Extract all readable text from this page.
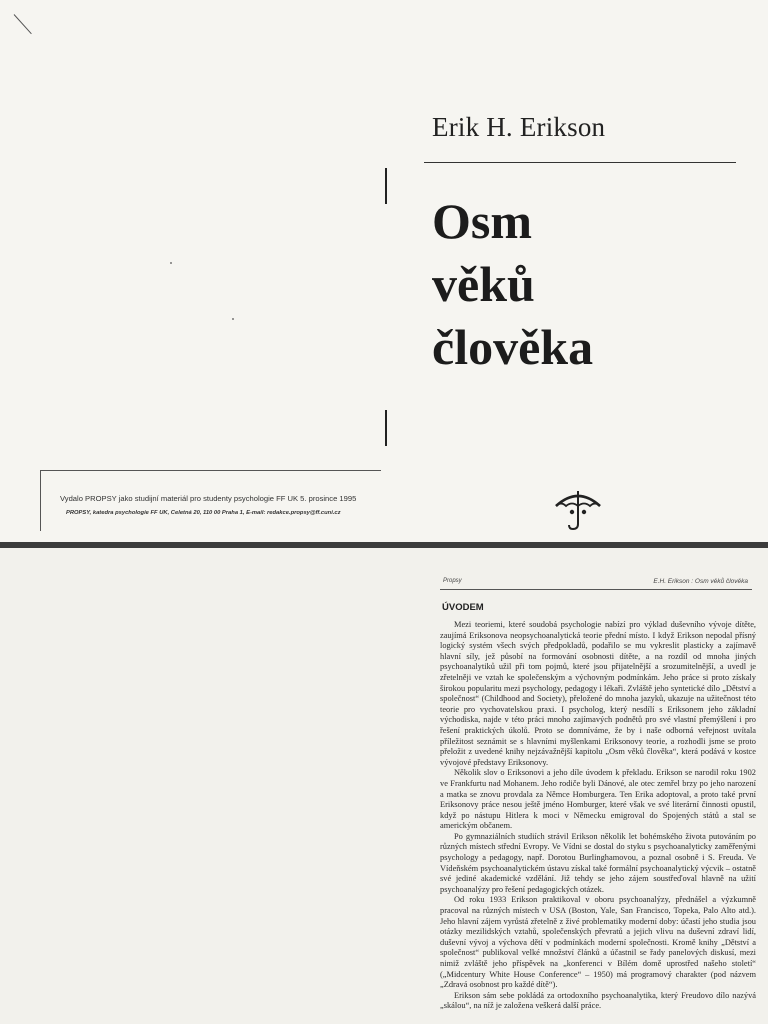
Erik H. Erikson
Osm
věků
člověka
Vydalo PROPSY jako studijní materiál pro studenty psychologie FF UK 5. prosince 1995
PROPSY, katedra psychologie FF UK, Celetná 20, 110 00 Praha 1, E-mail: redakce.propsy@ff.cuni.cz
Propsy	E.H. Erikson : Osm věků člověka
ÚVODEM

Mezi teoriemi, které soudobá psychologie nabízí pro výklad duševního vývoje dítěte, zaujímá Eriksonova neopsychoanalytická teorie přední místo. I když Erikson nepodal přísný logický systém všech svých předpokladů, podařilo se mu vykreslit plasticky a zajímavě hlavní síly, jež působí na formování osobnosti dítěte, a na rozdíl od mnoha jiných psychoanalytiků užil při tom pojmů, které jsou přijatelnější a srozumitelnější, a uvedl je zřetelněji ve vztah ke společenským a výchovným podmínkám. Jeho práce si proto získaly širokou popularitu mezi psychology, pedagogy i lékaři. Zvláště jeho syntetické dílo „Dětství a společnost“ (Childhood and Society), přeložené do mnoha jazyků, ukazuje na užitečnost této teorie pro vychovatelskou praxi. I psycholog, který nesdílí s Eriksonem jeho základní východiska, najde v této práci mnoho zajímavých podnětů pro své vlastní přemýšlení i pro řešení praktických úkolů. Proto se domníváme, že by i naše odborná veřejnost uvítala příležitost seznámit se s hlavními myšlenkami Eriksonovy teorie, a rozhodli jsme se proto přeložit z uvedené knihy nejzávažnější kapitolu „Osm věků člověka“, která podává v kostce vývojové představy Eriksonovy.

Několik slov o Eriksonovi a jeho díle úvodem k překladu. Erikson se narodil roku 1902 ve Frankfurtu nad Mohanem. Jeho rodiče byli Dánové, ale otec zemřel brzy po jeho narození a matka se znovu provdala za Němce Homburgera. Ten Erika adoptoval, a proto také první Eriksonovy práce nesou ještě jméno Homburger, které však ve své literární činnosti opustil, když po nástupu Hitlera k moci v Německu emigroval do Spojených států a stal se americkým občanem.

Po gymnaziálních studiích strávil Erikson několik let bohémského života putováním po různých místech střední Evropy. Ve Vídni se dostal do styku s psychoanalyticky zaměřenými psychology a pedagogy, např. Dorotou Burlinghamovou, a poznal osobně i S. Freuda. Ve Vídeňském psychoanalytickém ústavu získal také formální psychoanalytický výcvik – ostatně své jediné akademické vzdělání. Již tehdy se jeho zájem soustřeďoval hlavně na užití psychoanalýzy pro řešení pedagogických otázek.

Od roku 1933 Erikson praktikoval v oboru psychoanalýzy, přednášel a výzkumně pracoval na různých místech v USA (Boston, Yale, San Francisco, Topeka, Palo Alto atd.). Jeho hlavní zájem vyrůstá zřetelně z živé problematiky moderní doby: účastí jeho studia jsou otázky mezilidských vztahů, společenských převratů a jejich vlivu na duševní zdraví lidí, duševní vývoj a výchova dětí v podmínkách moderní společnosti. Kromě knihy „Dětství a společnost“ publikoval velké množství článků a účastnil se řady panelových diskusí, mezi nimiž zvláště jeho příspěvek na „konferenci v Bílém domě uprostřed našeho století“ („Midcentury White House Conference“ – 1950) má programový charakter (pod názvem „Zdravá osobnost pro každé dítě“).

Erikson sám sebe pokládá za ortodoxního psychoanalytika, který Freudovo dílo nazývá „skálou“, na níž je založena veškerá další práce.
